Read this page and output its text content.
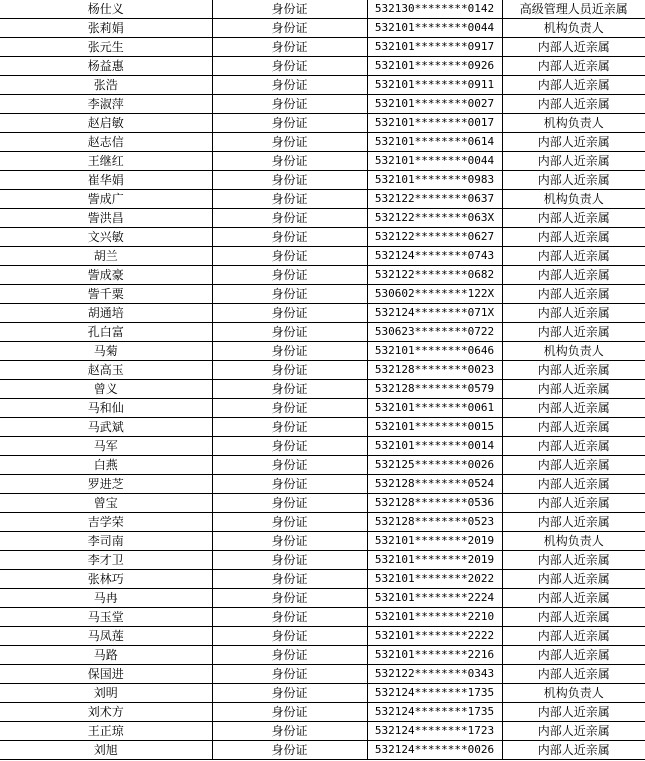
杨仕义	身份证	532130********0142	高级管理人员近亲属
张莉娟	身份证	532101********0044	机构负责人
张元生	身份证	532101********0917	内部人近亲属
杨益惠	身份证	532101********0926	内部人近亲属
张浩	身份证	532101********0911	内部人近亲属
李淑萍	身份证	532101********0027	内部人近亲属
赵启敏	身份证	532101********0017	机构负责人
赵志信	身份证	532101********0614	内部人近亲属
王继红	身份证	532101********0044	内部人近亲属
崔华娟	身份证	532101********0983	内部人近亲属
訾成广	身份证	532122********0637	机构负责人
訾洪昌	身份证	532122********063X	内部人近亲属
文兴敏	身份证	532122********0627	内部人近亲属
胡兰	身份证	532124********0743	内部人近亲属
訾成豪	身份证	532122********0682	内部人近亲属
訾千粟	身份证	530602********122X	内部人近亲属
胡通培	身份证	532124********071X	内部人近亲属
孔白富	身份证	530623********0722	内部人近亲属
马菊	身份证	532101********0646	机构负责人
赵高玉	身份证	532128********0023	内部人近亲属
曾义	身份证	532128********0579	内部人近亲属
马和仙	身份证	532101********0061	内部人近亲属
马武斌	身份证	532101********0015	内部人近亲属
马军	身份证	532101********0014	内部人近亲属
白燕	身份证	532125********0026	内部人近亲属
罗进芝	身份证	532128********0524	内部人近亲属
曾宝	身份证	532128********0536	内部人近亲属
吉学荣	身份证	532128********0523	内部人近亲属
李司南	身份证	532101********2019	机构负责人
李才卫	身份证	532101********2019	内部人近亲属
张林巧	身份证	532101********2022	内部人近亲属
马冉	身份证	532101********2224	内部人近亲属
马玉堂	身份证	532101********2210	内部人近亲属
马凤莲	身份证	532101********2222	内部人近亲属
马路	身份证	532101********2216	内部人近亲属
保国进	身份证	532122********0343	内部人近亲属
刘明	身份证	532124********1735	机构负责人
刘术方	身份证	532124********1735	内部人近亲属
王正琼	身份证	532124********1723	内部人近亲属
刘旭	身份证	532124********0026	内部人近亲属
